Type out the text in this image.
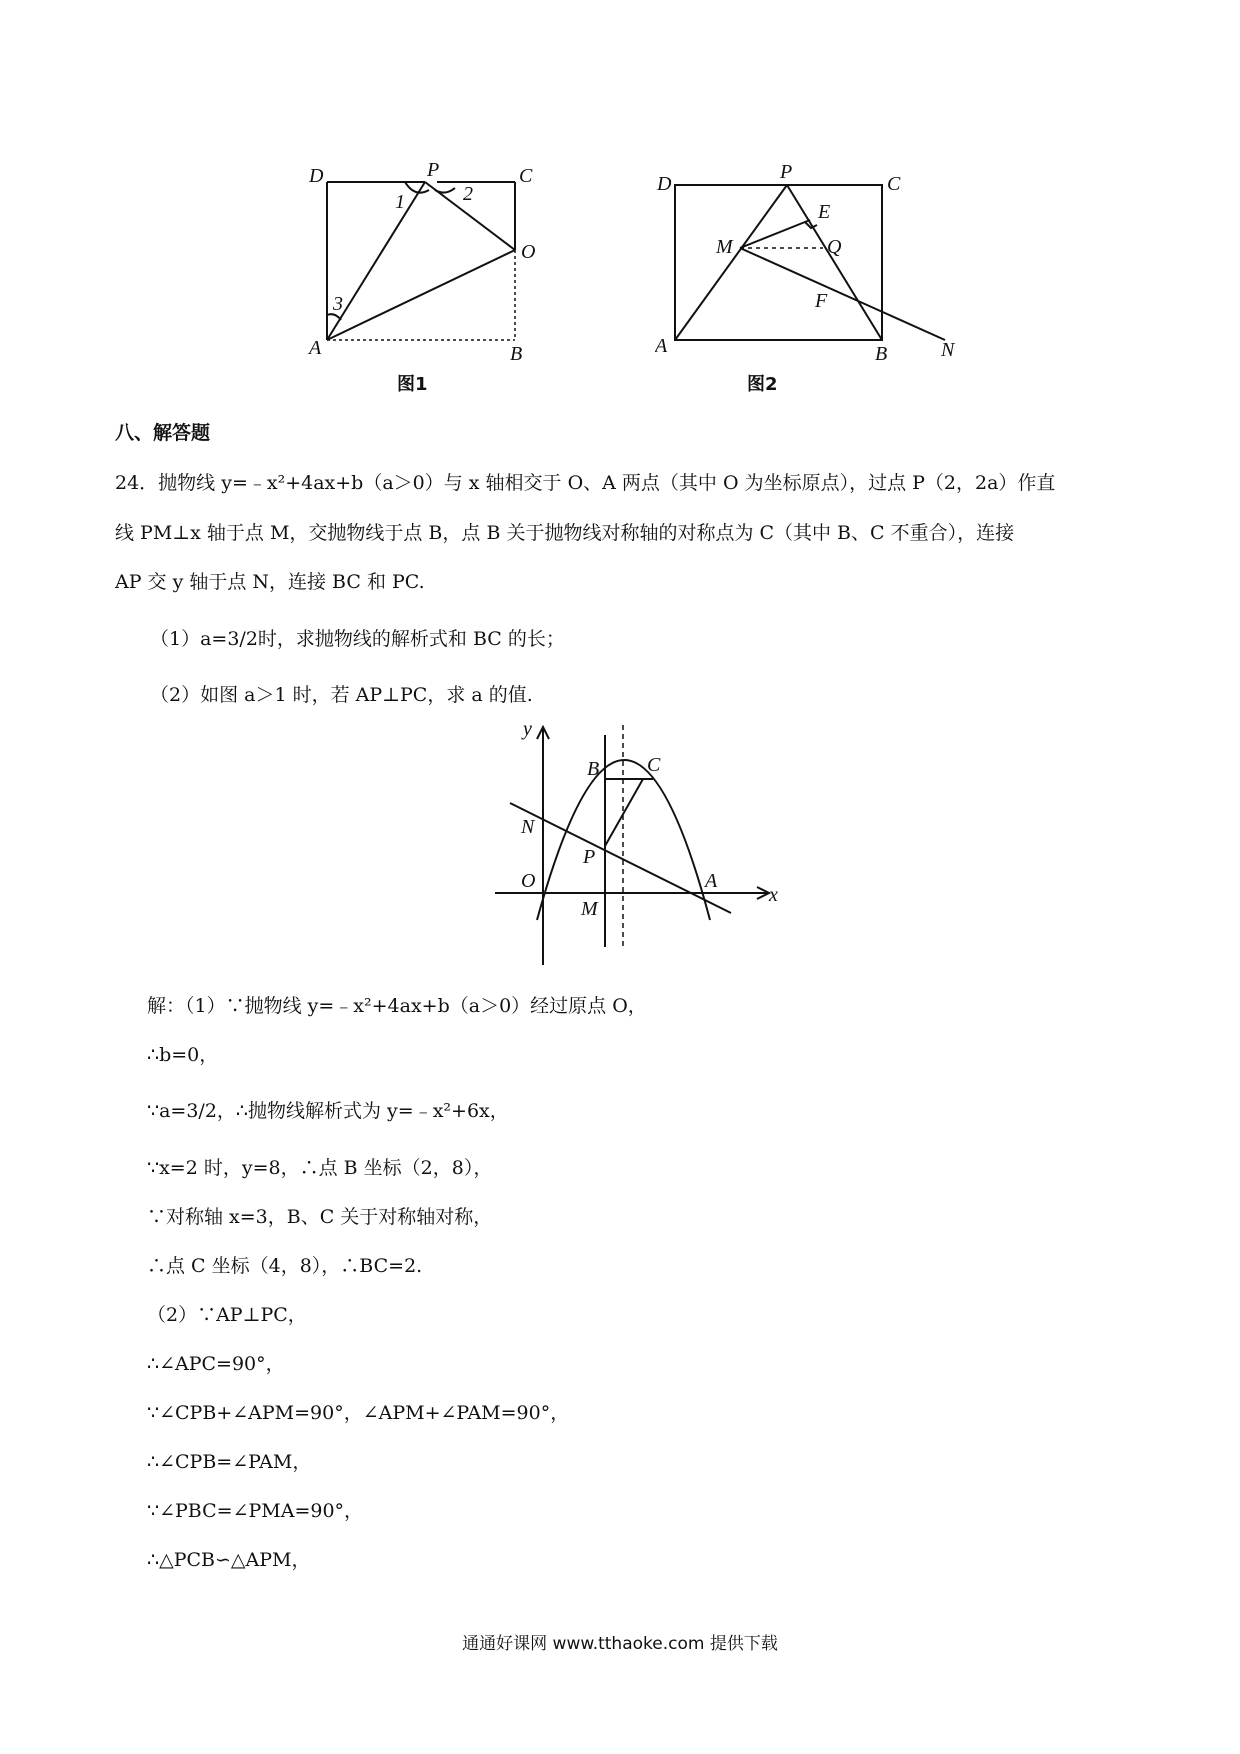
D	P	C
O
A	B
1	2
3
图1
D
P
C
E
M	Q
F
A	B	N
图2
八、解答题
24．抛物线 y=﹣x²+4ax+b（a＞0）与 x 轴相交于 O、A 两点（其中 O 为坐标原点），过点 P（2，2a）作直
线 PM⊥x 轴于点 M，交抛物线于点 B，点 B 关于抛物线对称轴的对称点为 C（其中 B、C 不重合），连接
AP 交 y 轴于点 N，连接 BC 和 PC.
（1）a=3/2时，求抛物线的解析式和 BC 的长；
（2）如图 a＞1 时，若 AP⊥PC，求 a 的值.
y
x
B C
N
P
O
M
A
解：（1）∵抛物线 y=﹣x²+4ax+b（a＞0）经过原点 O，
∴b=0，
∵a=3/2，∴抛物线解析式为 y=﹣x²+6x，
∵x=2 时，y=8，∴点 B 坐标（2，8），
∵对称轴 x=3，B、C 关于对称轴对称，
∴点 C 坐标（4，8），∴BC=2.
（2）∵AP⊥PC，
∴∠APC=90°，
∵∠CPB+∠APM=90°，∠APM+∠PAM=90°，
∴∠CPB=∠PAM，
∵∠PBC=∠PMA=90°，
∴△PCB∽△APM，
通通好课网 www.tthaoke.com 提供下载
